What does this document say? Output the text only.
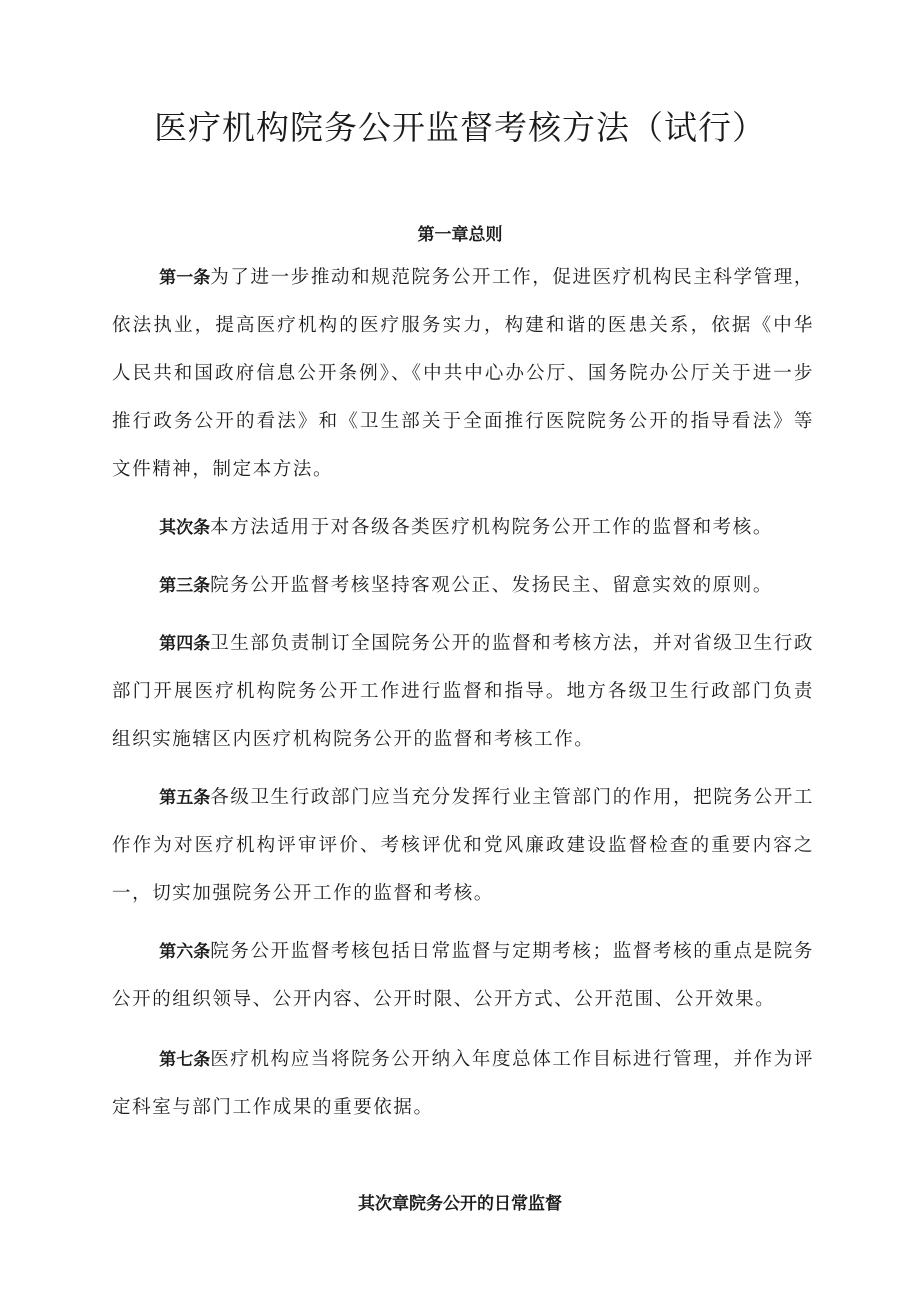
医疗机构院务公开监督考核方法（试行）
第一章总则

第一条为了进一步推动和规范院务公开工作，促进医疗机构民主科学管理，依法执业，提高医疗机构的医疗服务实力，构建和谐的医患关系，依据《中华人民共和国政府信息公开条例》、《中共中心办公厅、国务院办公厅关于进一步推行政务公开的看法》和《卫生部关于全面推行医院院务公开的指导看法》等文件精神，制定本方法。

其次条本方法适用于对各级各类医疗机构院务公开工作的监督和考核。

第三条院务公开监督考核坚持客观公正、发扬民主、留意实效的原则。

第四条卫生部负责制订全国院务公开的监督和考核方法，并对省级卫生行政部门开展医疗机构院务公开工作进行监督和指导。地方各级卫生行政部门负责组织实施辖区内医疗机构院务公开的监督和考核工作。

第五条各级卫生行政部门应当充分发挥行业主管部门的作用，把院务公开工作作为对医疗机构评审评价、考核评优和党风廉政建设监督检查的重要内容之一，切实加强院务公开工作的监督和考核。

第六条院务公开监督考核包括日常监督与定期考核；监督考核的重点是院务公开的组织领导、公开内容、公开时限、公开方式、公开范围、公开效果。

第七条医疗机构应当将院务公开纳入年度总体工作目标进行管理，并作为评定科室与部门工作成果的重要依据。

其次章院务公开的日常监督
